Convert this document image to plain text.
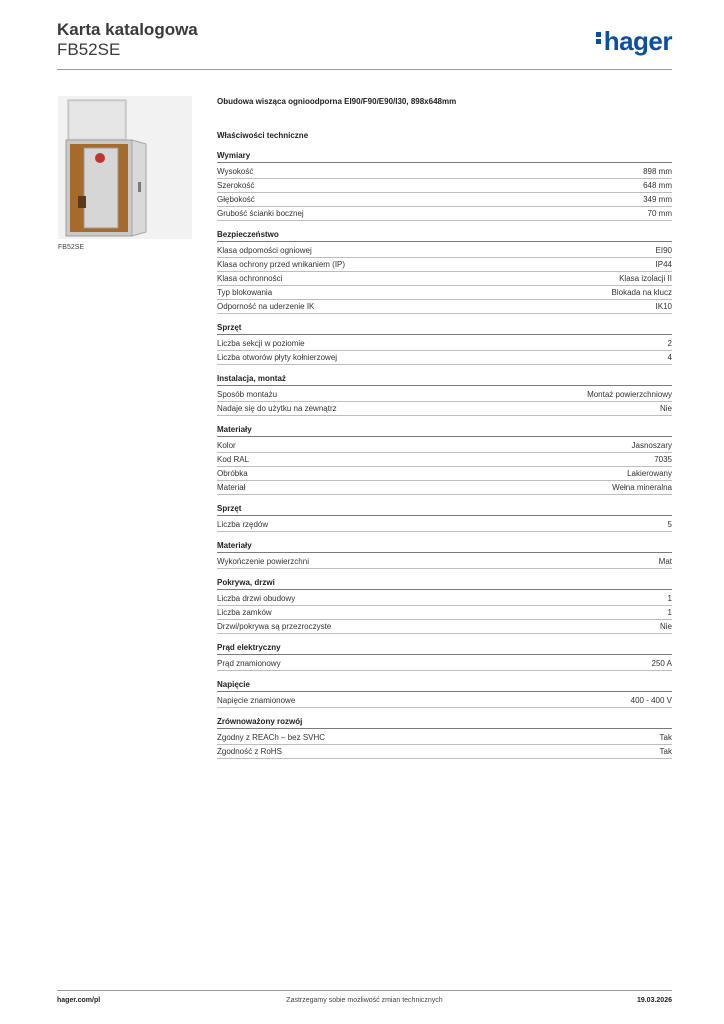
Karta katalogowa
FB52SE	hager
FB52SE
Obudowa wisząca ognioodporna EI90/F90/E90/I30, 898x648mm
Właściwości techniczne
Wymiary
Wysokość	898 mm
Szerokość	648 mm
Głębokość	349 mm
Grubość ścianki bocznej	70 mm
Bezpieczeństwo
Klasa odpomości ogniowej	EI90
Klasa ochrony przed wnikaniem (IP)	IP44
Klasa ochronności	Klasa izolacji II
Typ blokowania	Blokada na klucz
Odporność na uderzenie IK	IK10
Sprzęt
Liczba sekcji w poziomie	2
Liczba otworów płyty kołnierzowej	4
Instalacja, montaż
Sposób montażu	Montaż powierzchniowy
Nadaje się do użytku na zewnątrz	Nie
Materiały
Kolor	Jasnoszary
Kod RAL	7035
Obróbka	Lakierowany
Materiał	Wełna mineralna
Sprzęt
Liczba rzędów	5
Materiały
Wykończenie powierzchni	Mat
Pokrywa, drzwi
Liczba drzwi obudowy	1
Liczba zamków	1
Drzwi/pokrywa są przezroczyste	Nie
Prąd elektryczny
Prąd znamionowy	250 A
Napięcie
Napięcie znamionowe	400 - 400 V
Zrównoważony rozwój
Zgodny z REACh – bez SVHC	Tak
Zgodność z RoHS	Tak
hager.com/pl	Zastrzegamy sobie możliwość zmian technicznych	19.03.2026
